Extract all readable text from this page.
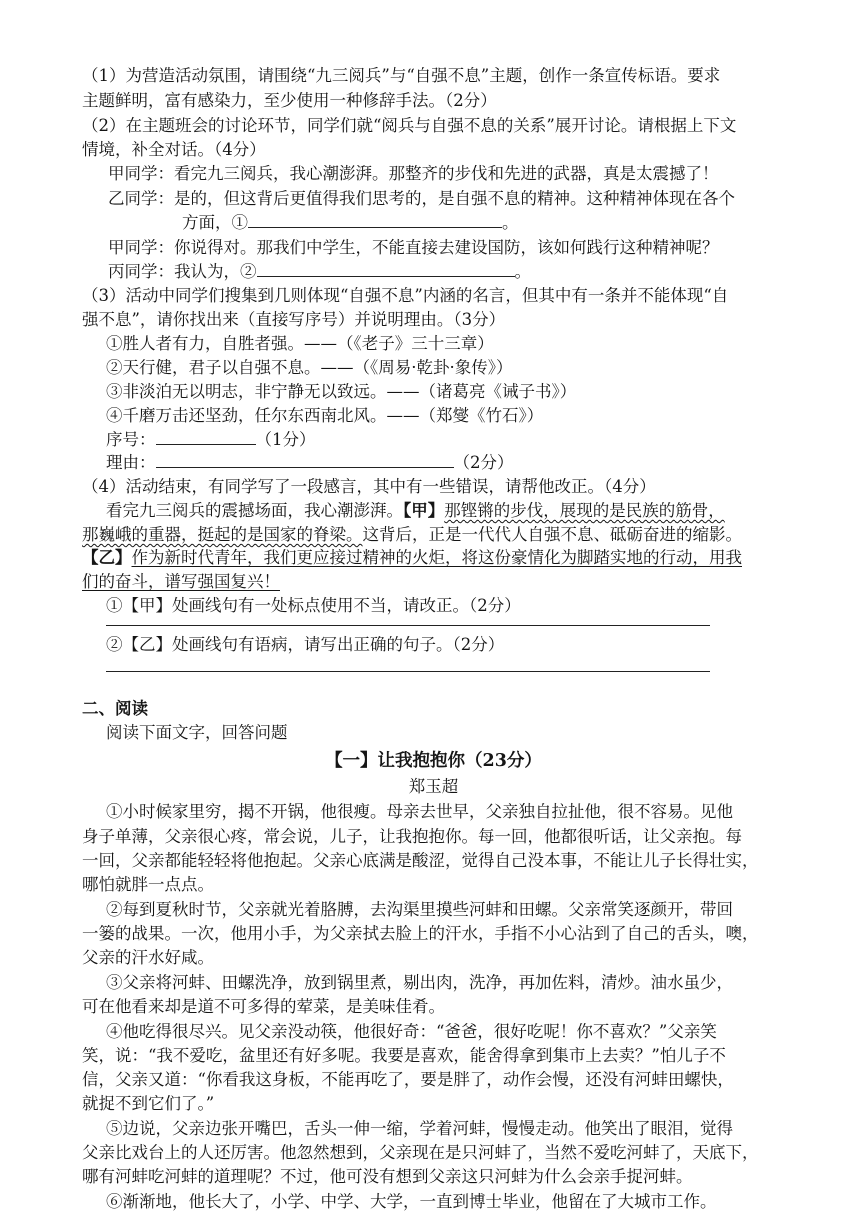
（1）为营造活动氛围，请围绕“九三阅兵”与“自强不息”主题，创作一条宣传标语。要求
主题鲜明，富有感染力，至少使用一种修辞手法。（2分）
（2）在主题班会的讨论环节，同学们就“阅兵与自强不息的关系”展开讨论。请根据上下文
情境，补全对话。（4分）
甲同学：看完九三阅兵，我心潮澎湃。那整齐的步伐和先进的武器，真是太震撼了！
乙同学：是的，但这背后更值得我们思考的，是自强不息的精神。这种精神体现在各个
方面，①	。
甲同学：你说得对。那我们中学生，不能直接去建设国防，该如何践行这种精神呢？
丙同学：我认为，②	。
（3）活动中同学们搜集到几则体现“自强不息”内涵的名言，但其中有一条并不能体现“自
强不息”，请你找出来（直接写序号）并说明理由。（3分）
①胜人者有力，自胜者强。——（《老子》三十三章）
②天行健，君子以自强不息。——（《周易·乾卦·象传》）
③非淡泊无以明志，非宁静无以致远。——（诸葛亮《诫子书》）
④千磨万击还坚劲，任尔东西南北风。——（郑燮《竹石》）
序号：	（1分）
理由：	（2分）
（4）活动结束，有同学写了一段感言，其中有一些错误，请帮他改正。（4分）
看完九三阅兵的震撼场面，我心潮澎湃。【甲】那铿锵的步伐，展现的是民族的筋骨，
那巍峨的重器，挺起的是国家的脊梁。这背后，正是一代代人自强不息、砥砺奋进的缩影。
【乙】作为新时代青年，我们更应接过精神的火炬，将这份豪情化为脚踏实地的行动，用我
们的奋斗，谱写强国复兴！
①【甲】处画线句有一处标点使用不当，请改正。（2分）
②【乙】处画线句有语病，请写出正确的句子。（2分）
二、阅读
阅读下面文字，回答问题
【一】让我抱抱你（23分）
郑玉超
①小时候家里穷，揭不开锅，他很瘦。母亲去世早，父亲独自拉扯他，很不容易。见他
身子单薄，父亲很心疼，常会说，儿子，让我抱抱你。每一回，他都很听话，让父亲抱。每
一回，父亲都能轻轻将他抱起。父亲心底满是酸涩，觉得自己没本事，不能让儿子长得壮实，
哪怕就胖一点点。
②每到夏秋时节，父亲就光着胳膊，去沟渠里摸些河蚌和田螺。父亲常笑逐颜开，带回
一篓的战果。一次，他用小手，为父亲拭去脸上的汗水，手指不小心沾到了自己的舌头，噢，
父亲的汗水好咸。
③父亲将河蚌、田螺洗净，放到锅里煮，剔出肉，洗净，再加佐料，清炒。油水虽少，
可在他看来却是道不可多得的荤菜，是美味佳肴。
④他吃得很尽兴。见父亲没动筷，他很好奇：“爸爸，很好吃呢！你不喜欢？”父亲笑
笑，说：“我不爱吃，盆里还有好多呢。我要是喜欢，能舍得拿到集市上去卖？”怕儿子不
信，父亲又道：“你看我这身板，不能再吃了，要是胖了，动作会慢，还没有河蚌田螺快，
就捉不到它们了。”
⑤边说，父亲边张开嘴巴，舌头一伸一缩，学着河蚌，慢慢走动。他笑出了眼泪，觉得
父亲比戏台上的人还厉害。他忽然想到，父亲现在是只河蚌了，当然不爱吃河蚌了，天底下，
哪有河蚌吃河蚌的道理呢？不过，他可没有想到父亲这只河蚌为什么会亲手捉河蚌。
⑥渐渐地，他长大了，小学、中学、大学，一直到博士毕业，他留在了大城市工作。
